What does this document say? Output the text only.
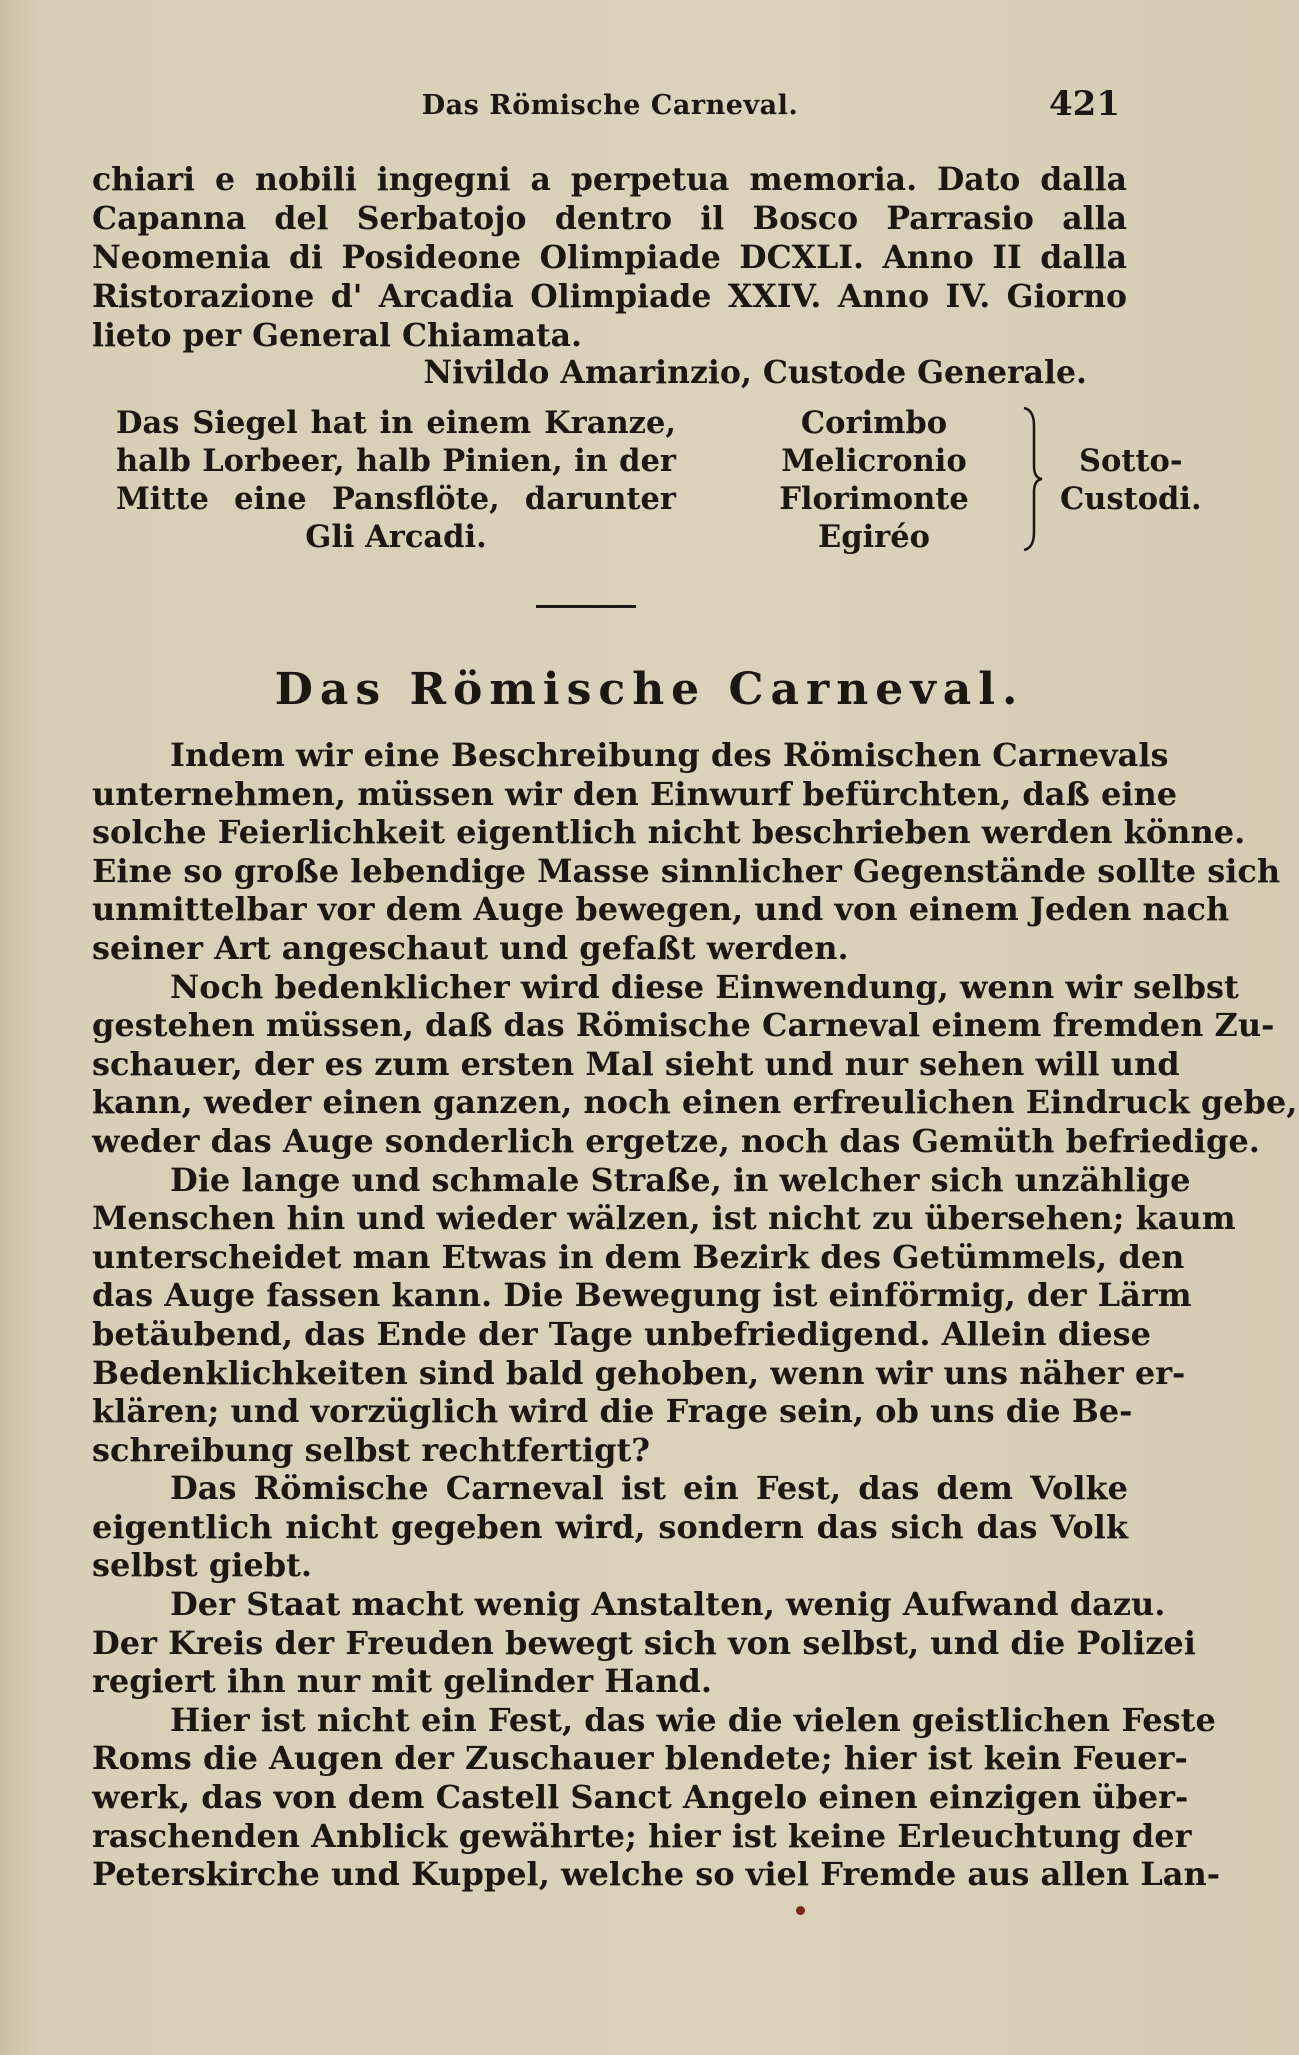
Das Römische Carneval.	421

chiari e nobili ingegni a perpetua memoria. Dato dalla Capanna del Serbatojo dentro il Bosco Parrasio alla Neomenia di Posideone Olimpiade DCXLI. Anno II dalla Ristorazione d' Arcadia Olimpiade XXIV. Anno IV. Giorno lieto per General Chiamata.

Nivildo Amarinzio, Custode Generale.
Das Siegel hat in einem Kranze,
halb Lorbeer, halb Pinien, in der
Mitte eine Pansflöte, darunter
Gli Arcadi.
Corimbo
Melicronio
Florimonte
Egiréo
Sotto-
Custodi.
Das Römische Carneval.
Indem wir eine Beschreibung des Römischen Carnevals
unternehmen, müssen wir den Einwurf befürchten, daß eine
solche Feierlichkeit eigentlich nicht beschrieben werden könne.
Eine so große lebendige Masse sinnlicher Gegenstände sollte sich
unmittelbar vor dem Auge bewegen, und von einem Jeden nach
seiner Art angeschaut und gefaßt werden.
Noch bedenklicher wird diese Einwendung, wenn wir selbst
gestehen müssen, daß das Römische Carneval einem fremden Zu-
schauer, der es zum ersten Mal sieht und nur sehen will und
kann, weder einen ganzen, noch einen erfreulichen Eindruck gebe,
weder das Auge sonderlich ergetze, noch das Gemüth befriedige.
Die lange und schmale Straße, in welcher sich unzählige
Menschen hin und wieder wälzen, ist nicht zu übersehen; kaum
unterscheidet man Etwas in dem Bezirk des Getümmels, den
das Auge fassen kann. Die Bewegung ist einförmig, der Lärm
betäubend, das Ende der Tage unbefriedigend. Allein diese
Bedenklichkeiten sind bald gehoben, wenn wir uns näher er-
klären; und vorzüglich wird die Frage sein, ob uns die Be-
schreibung selbst rechtfertigt?
Das Römische Carneval ist ein Fest, das dem Volke
eigentlich nicht gegeben wird, sondern das sich das Volk
selbst giebt.
Der Staat macht wenig Anstalten, wenig Aufwand dazu.
Der Kreis der Freuden bewegt sich von selbst, und die Polizei
regiert ihn nur mit gelinder Hand.
Hier ist nicht ein Fest, das wie die vielen geistlichen Feste
Roms die Augen der Zuschauer blendete; hier ist kein Feuer-
werk, das von dem Castell Sanct Angelo einen einzigen über-
raschenden Anblick gewährte; hier ist keine Erleuchtung der
Peterskirche und Kuppel, welche so viel Fremde aus allen Lan-
